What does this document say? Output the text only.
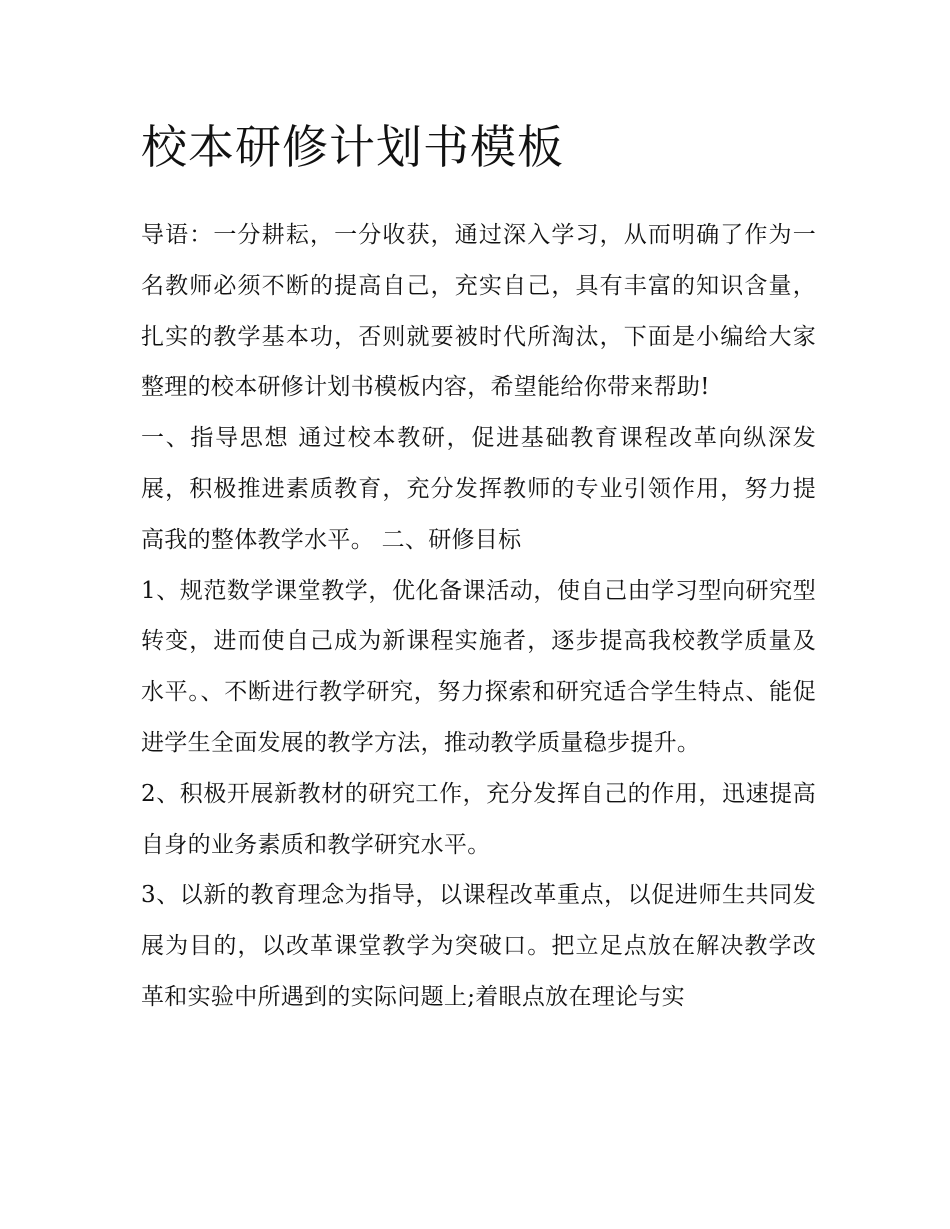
校本研修计划书模板

导语：一分耕耘，一分收获，通过深入学习，从而明确了作为一名教师必须不断的提高自己，充实自己，具有丰富的知识含量，扎实的教学基本功，否则就要被时代所淘汰，下面是小编给大家整理的校本研修计划书模板内容，希望能给你带来帮助!

一、指导思想 通过校本教研，促进基础教育课程改革向纵深发展，积极推进素质教育，充分发挥教师的专业引领作用，努力提高我的整体教学水平。 二、研修目标

1、规范数学课堂教学，优化备课活动，使自己由学习型向研究型转变，进而使自己成为新课程实施者，逐步提高我校教学质量及水平。、不断进行教学研究，努力探索和研究适合学生特点、能促进学生全面发展的教学方法，推动教学质量稳步提升。

2、积极开展新教材的研究工作，充分发挥自己的作用，迅速提高自身的业务素质和教学研究水平。

3、以新的教育理念为指导，以课程改革重点，以促进师生共同发展为目的，以改革课堂教学为突破口。把立足点放在解决教学改革和实验中所遇到的实际问题上;着眼点放在理论与实
